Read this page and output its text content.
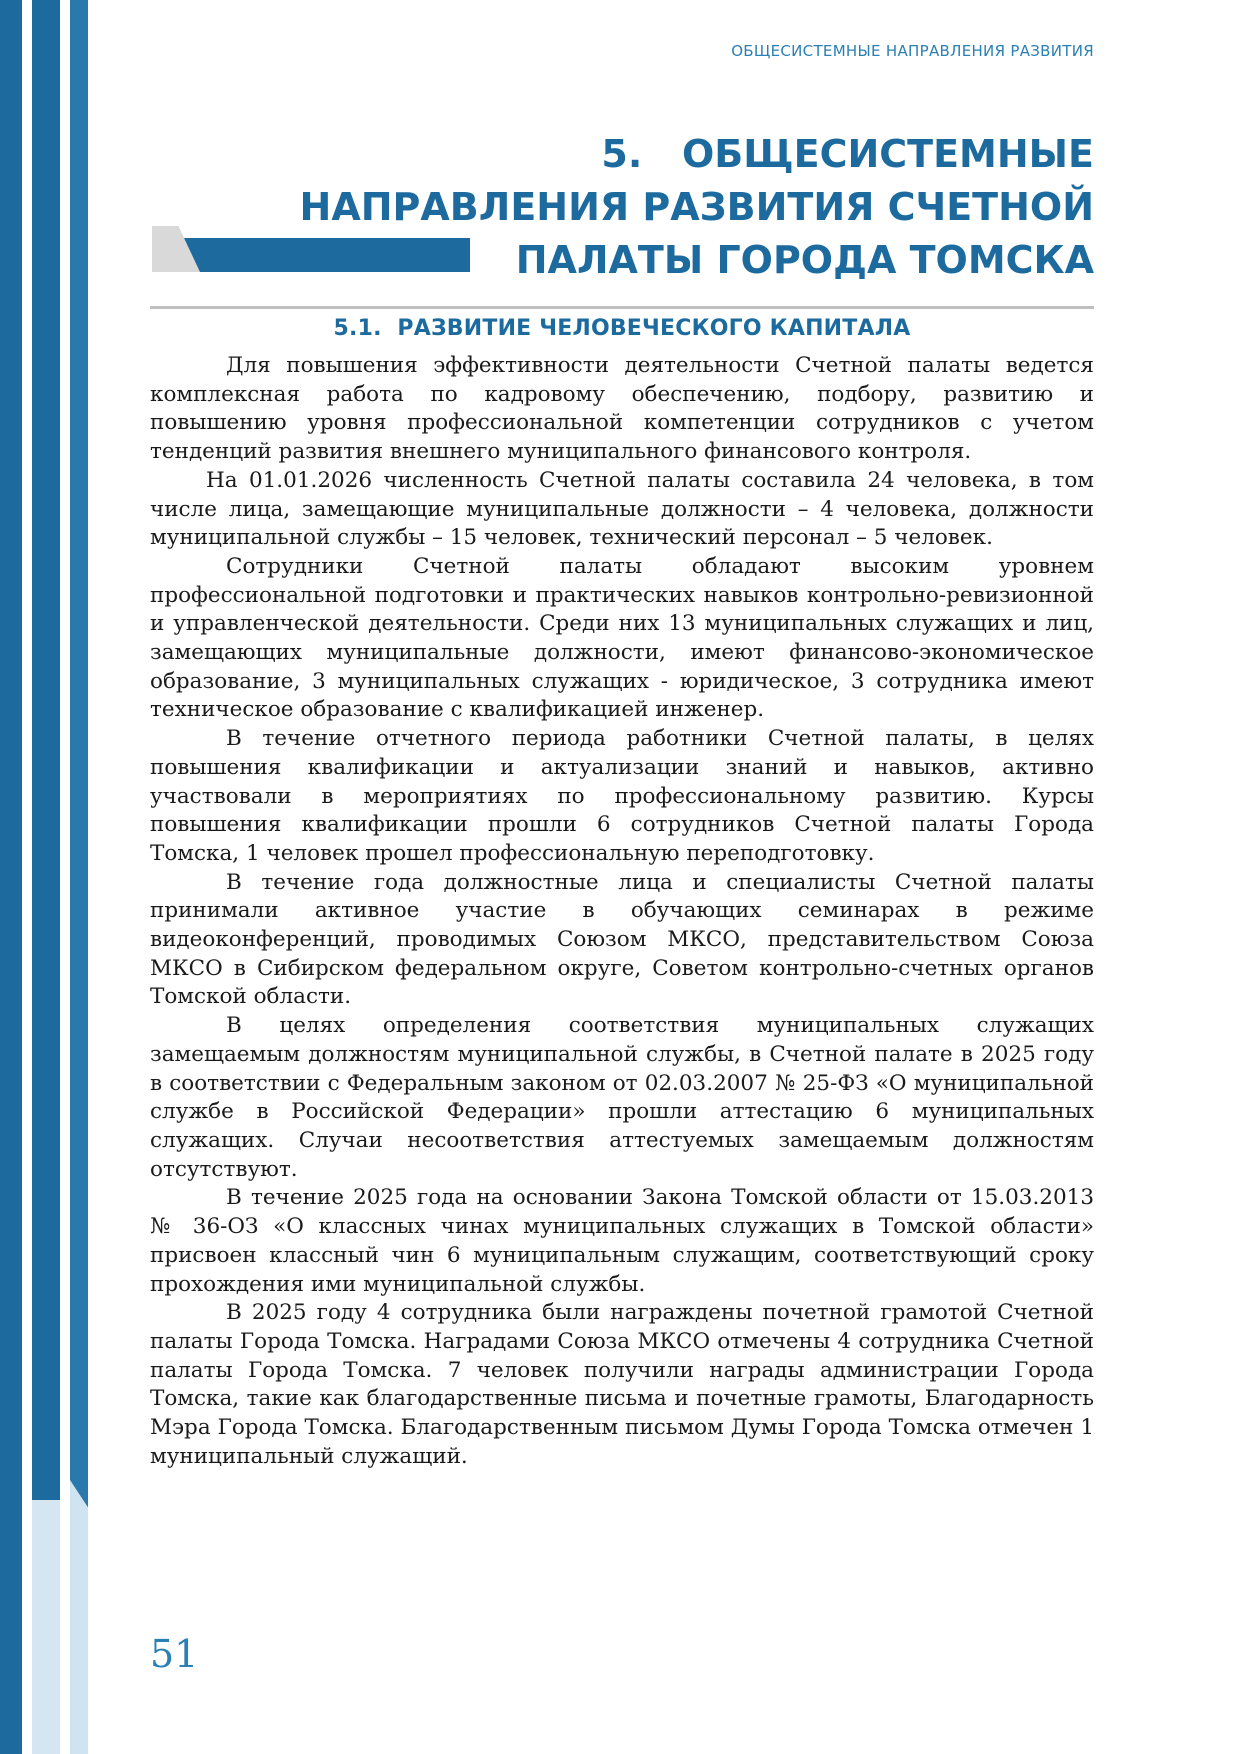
ОБЩЕСИСТЕМНЫЕ НАПРАВЛЕНИЯ РАЗВИТИЯ
5.   ОБЩЕСИСТЕМНЫЕ
НАПРАВЛЕНИЯ РАЗВИТИЯ СЧЕТНОЙ
ПАЛАТЫ ГОРОДА ТОМСКА
5.1.  РАЗВИТИЕ ЧЕЛОВЕЧЕСКОГО КАПИТАЛА

Для повышения эффективности деятельности Счетной палаты ведется комплексная работа по кадровому обеспечению, подбору, развитию и повышению уровня профессиональной компетенции сотрудников с учетом тенденций развития внешнего муниципального финансового контроля.

На 01.01.2026 численность Счетной палаты составила 24 человека, в том числе лица, замещающие муниципальные должности – 4 человека, должности муниципальной службы – 15 человек, технический персонал – 5 человек.

Сотрудники Счетной палаты обладают высоким уровнем профессиональной подготовки и практических навыков контрольно-ревизионной и управленческой деятельности. Среди них 13 муниципальных служащих и лиц, замещающих муниципальные должности, имеют финансово-экономическое образование, 3 муниципальных служащих - юридическое, 3 сотрудника имеют техническое образование с квалификацией инженер.

В течение отчетного периода работники Счетной палаты, в целях повышения квалификации и актуализации знаний и навыков, активно участвовали в мероприятиях по профессиональному развитию. Курсы повышения квалификации прошли 6 сотрудников Счетной палаты Города Томска, 1 человек прошел профессиональную переподготовку.

В течение года должностные лица и специалисты Счетной палаты принимали активное участие в обучающих семинарах в режиме видеоконференций, проводимых Союзом МКСО, представительством Союза МКСО в Сибирском федеральном округе, Советом контрольно-счетных органов Томской области.

В целях определения соответствия муниципальных служащих замещаемым должностям муниципальной службы, в Счетной палате в 2025 году в соответствии с Федеральным законом от 02.03.2007 № 25-ФЗ «О муниципальной службе в Российской Федерации» прошли аттестацию 6 муниципальных служащих. Случаи несоответствия аттестуемых замещаемым должностям отсутствуют.

В течение 2025 года на основании Закона Томской области от 15.03.2013 № 36-ОЗ «О классных чинах муниципальных служащих в Томской области» присвоен классный чин 6 муниципальным служащим, соответствующий сроку прохождения ими муниципальной службы.

В 2025 году 4 сотрудника были награждены почетной грамотой Счетной палаты Города Томска. Наградами Союза МКСО отмечены 4 сотрудника Счетной палаты Города Томска. 7 человек получили награды администрации Города Томска, такие как благодарственные письма и почетные грамоты, Благодарность Мэра Города Томска. Благодарственным письмом Думы Города Томска отмечен 1 муниципальный служащий.

51
